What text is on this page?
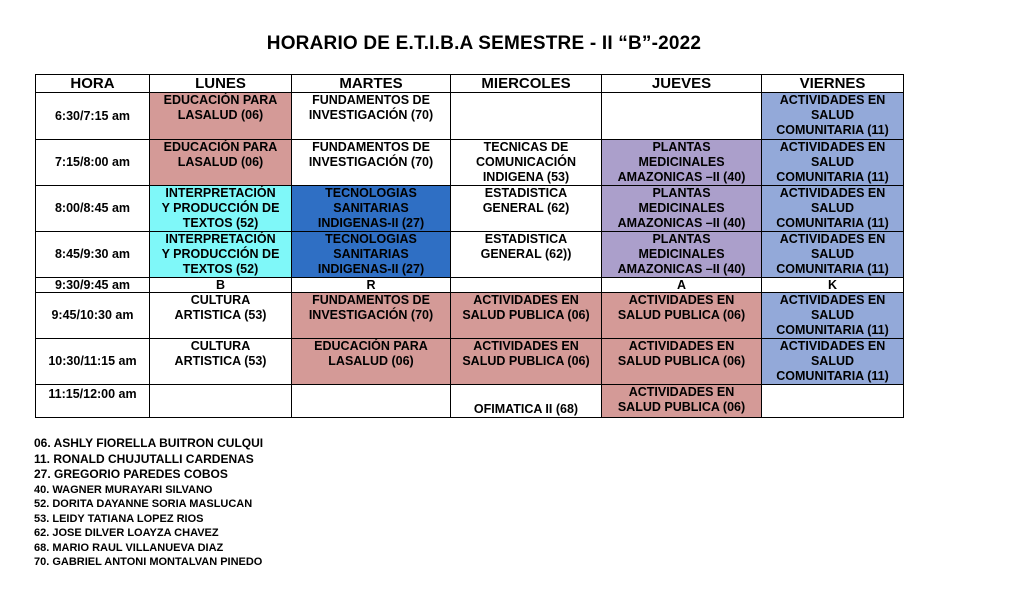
HORARIO DE E.T.I.B.A SEMESTRE - II “B”-2022
HORA	LUNES	MARTES	MIERCOLES	JUEVES	VIERNES
6:30/7:15 am	EDUCACIÓN PARA
LASALUD (06)	FUNDAMENTOS DE
INVESTIGACIÓN (70)			ACTIVIDADES EN
SALUD
COMUNITARIA (11)
7:15/8:00 am	EDUCACIÓN PARA
LASALUD (06)	FUNDAMENTOS DE
INVESTIGACIÓN (70)	TECNICAS DE
COMUNICACIÓN
INDIGENA (53)	PLANTAS
MEDICINALES
AMAZONICAS –II (40)	ACTIVIDADES EN
SALUD
COMUNITARIA (11)
8:00/8:45 am	INTERPRETACIÓN
Y PRODUCCIÓN DE
TEXTOS (52)	TECNOLOGIAS
SANITARIAS
INDIGENAS-II (27)	ESTADISTICA
GENERAL (62)	PLANTAS
MEDICINALES
AMAZONICAS –II (40)	ACTIVIDADES EN
SALUD
COMUNITARIA (11)
8:45/9:30 am	INTERPRETACIÓN
Y PRODUCCIÓN DE
TEXTOS (52)	TECNOLOGIAS
SANITARIAS
INDIGENAS-II (27)	ESTADISTICA
GENERAL (62))	PLANTAS
MEDICINALES
AMAZONICAS –II (40)	ACTIVIDADES EN
SALUD
COMUNITARIA (11)
9:30/9:45 am	B	R		A	K
9:45/10:30 am	CULTURA
ARTISTICA (53)	FUNDAMENTOS DE
INVESTIGACIÓN (70)	ACTIVIDADES EN
SALUD PUBLICA (06)	ACTIVIDADES EN
SALUD PUBLICA (06)	ACTIVIDADES EN
SALUD
COMUNITARIA (11)
10:30/11:15 am	CULTURA
ARTISTICA (53)	EDUCACIÓN PARA
LASALUD (06)	ACTIVIDADES EN
SALUD PUBLICA (06)	ACTIVIDADES EN
SALUD PUBLICA (06)	ACTIVIDADES EN
SALUD
COMUNITARIA (11)
11:15/12:00 am			OFIMATICA II (68)	ACTIVIDADES EN
SALUD PUBLICA (06)	
06. ASHLY FIORELLA BUITRON CULQUI
11. RONALD CHUJUTALLI CARDENAS
27. GREGORIO PAREDES COBOS
40. WAGNER MURAYARI SILVANO
52. DORITA DAYANNE SORIA MASLUCAN
53. LEIDY TATIANA LOPEZ RIOS
62. JOSE DILVER LOAYZA CHAVEZ
68. MARIO RAUL VILLANUEVA DIAZ
70. GABRIEL ANTONI MONTALVAN PINEDO
